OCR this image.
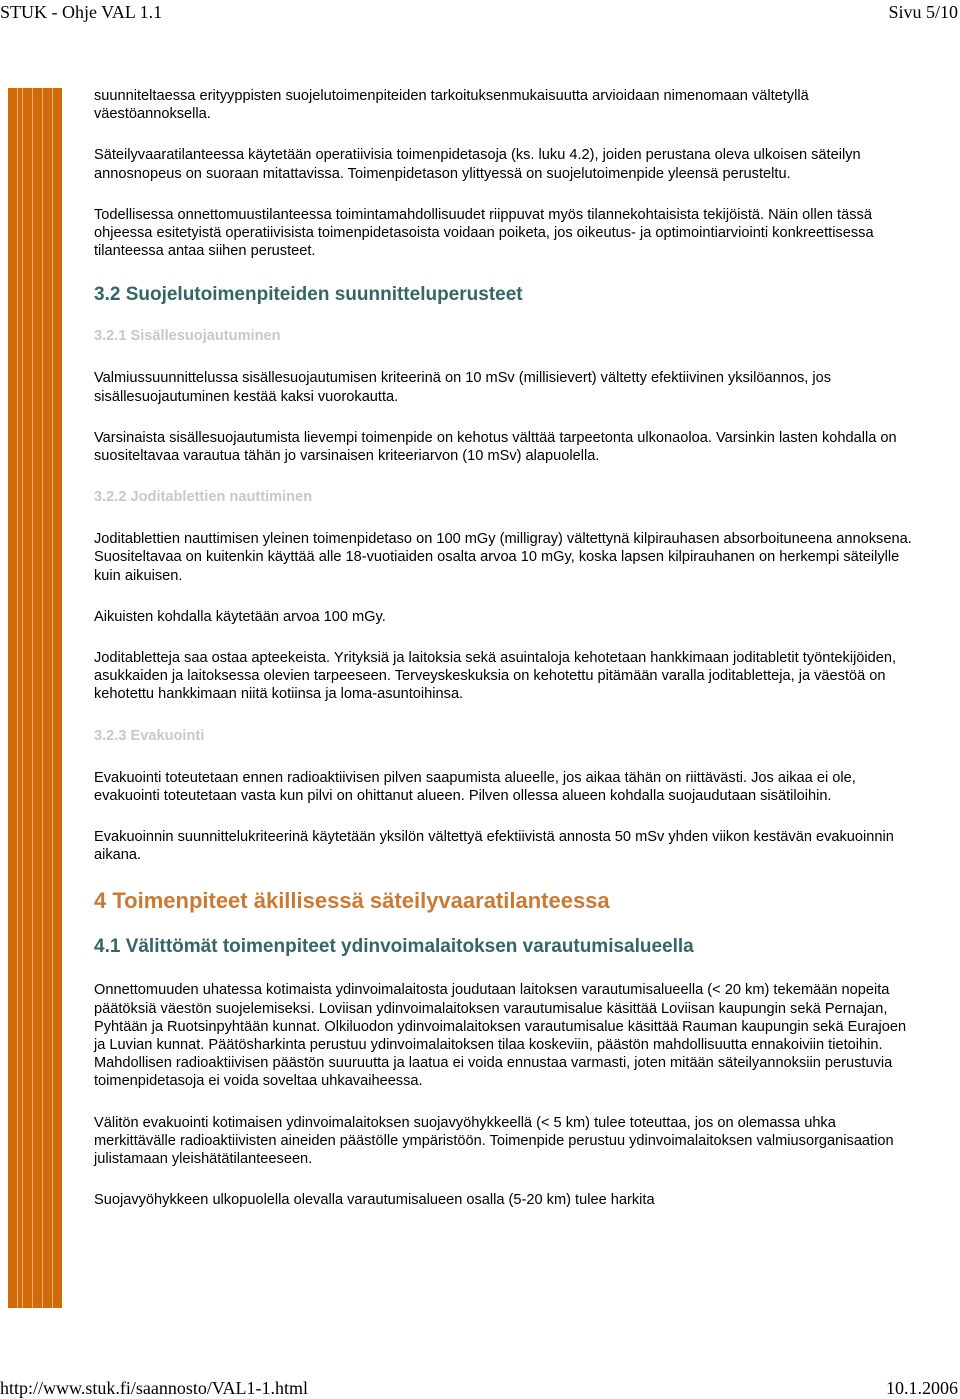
STUK - Ohje VAL 1.1	Sivu 5/10

suunniteltaessa erityyppisten suojelutoimenpiteiden tarkoituksenmukaisuutta arvioidaan nimenomaan vältetyllä väestöannoksella.

Säteilyvaaratilanteessa käytetään operatiivisia toimenpidetasoja (ks. luku 4.2), joiden perustana oleva ulkoisen säteilyn annosnopeus on suoraan mitattavissa. Toimenpidetason ylittyessä on suojelutoimenpide yleensä perusteltu.

Todellisessa onnettomuustilanteessa toimintamahdollisuudet riippuvat myös tilannekohtaisista tekijöistä. Näin ollen tässä ohjeessa esitetyistä operatiivisista toimenpidetasoista voidaan poiketa, jos oikeutus- ja optimointiarviointi konkreettisessa tilanteessa antaa siihen perusteet.

3.2 Suojelutoimenpiteiden suunnitteluperusteet
3.2.1 Sisällesuojautuminen

Valmiussuunnittelussa sisällesuojautumisen kriteerinä on 10 mSv (millisievert) vältetty efektiivinen yksilöannos, jos sisällesuojautuminen kestää kaksi vuorokautta.

Varsinaista sisällesuojautumista lievempi toimenpide on kehotus välttää tarpeetonta ulkonaoloa. Varsinkin lasten kohdalla on suositeltavaa varautua tähän jo varsinaisen kriteeriarvon (10 mSv) alapuolella.

3.2.2 Joditablettien nauttiminen

Joditablettien nauttimisen yleinen toimenpidetaso on 100 mGy (milligray) vältettynä kilpirauhasen absorboituneena annoksena. Suositeltavaa on kuitenkin käyttää alle 18-vuotiaiden osalta arvoa 10 mGy, koska lapsen kilpirauhanen on herkempi säteilylle kuin aikuisen.

Aikuisten kohdalla käytetään arvoa 100 mGy.

Joditabletteja saa ostaa apteekeista. Yrityksiä ja laitoksia sekä asuintaloja kehotetaan hankkimaan joditabletit työntekijöiden, asukkaiden ja laitoksessa olevien tarpeeseen. Terveyskeskuksia on kehotettu pitämään varalla joditabletteja, ja väestöä on kehotettu hankkimaan niitä kotiinsa ja loma-asuntoihinsa.

3.2.3 Evakuointi

Evakuointi toteutetaan ennen radioaktiivisen pilven saapumista alueelle, jos aikaa tähän on riittävästi. Jos aikaa ei ole, evakuointi toteutetaan vasta kun pilvi on ohittanut alueen. Pilven ollessa alueen kohdalla suojaudutaan sisätiloihin.

Evakuoinnin suunnittelukriteerinä käytetään yksilön vältettyä efektiivistä annosta 50 mSv yhden viikon kestävän evakuoinnin aikana.

4 Toimenpiteet äkillisessä säteilyvaaratilanteessa
4.1 Välittömät toimenpiteet ydinvoimalaitoksen varautumisalueella

Onnettomuuden uhatessa kotimaista ydinvoimalaitosta joudutaan laitoksen varautumisalueella (< 20 km) tekemään nopeita päätöksiä väestön suojelemiseksi. Loviisan ydinvoimalaitoksen varautumisalue käsittää Loviisan kaupungin sekä Pernajan, Pyhtään ja Ruotsinpyhtään kunnat. Olkiluodon ydinvoimalaitoksen varautumisalue käsittää Rauman kaupungin sekä Eurajoen ja Luvian kunnat. Päätösharkinta perustuu ydinvoimalaitoksen tilaa koskeviin, päästön mahdollisuutta ennakoiviin tietoihin. Mahdollisen radioaktiivisen päästön suuruutta ja laatua ei voida ennustaa varmasti, joten mitään säteilyannoksiin perustuvia toimenpidetasoja ei voida soveltaa uhkavaiheessa.

Välitön evakuointi kotimaisen ydinvoimalaitoksen suojavyöhykkeellä (< 5 km) tulee toteuttaa, jos on olemassa uhka merkittävälle radioaktiivisten aineiden päästölle ympäristöön. Toimenpide perustuu ydinvoimalaitoksen valmiusorganisaation julistamaan yleishätätilanteeseen.

Suojavyöhykkeen ulkopuolella olevalla varautumisalueen osalla (5-20 km) tulee harkita

http://www.stuk.fi/saannosto/VAL1-1.html	10.1.2006
